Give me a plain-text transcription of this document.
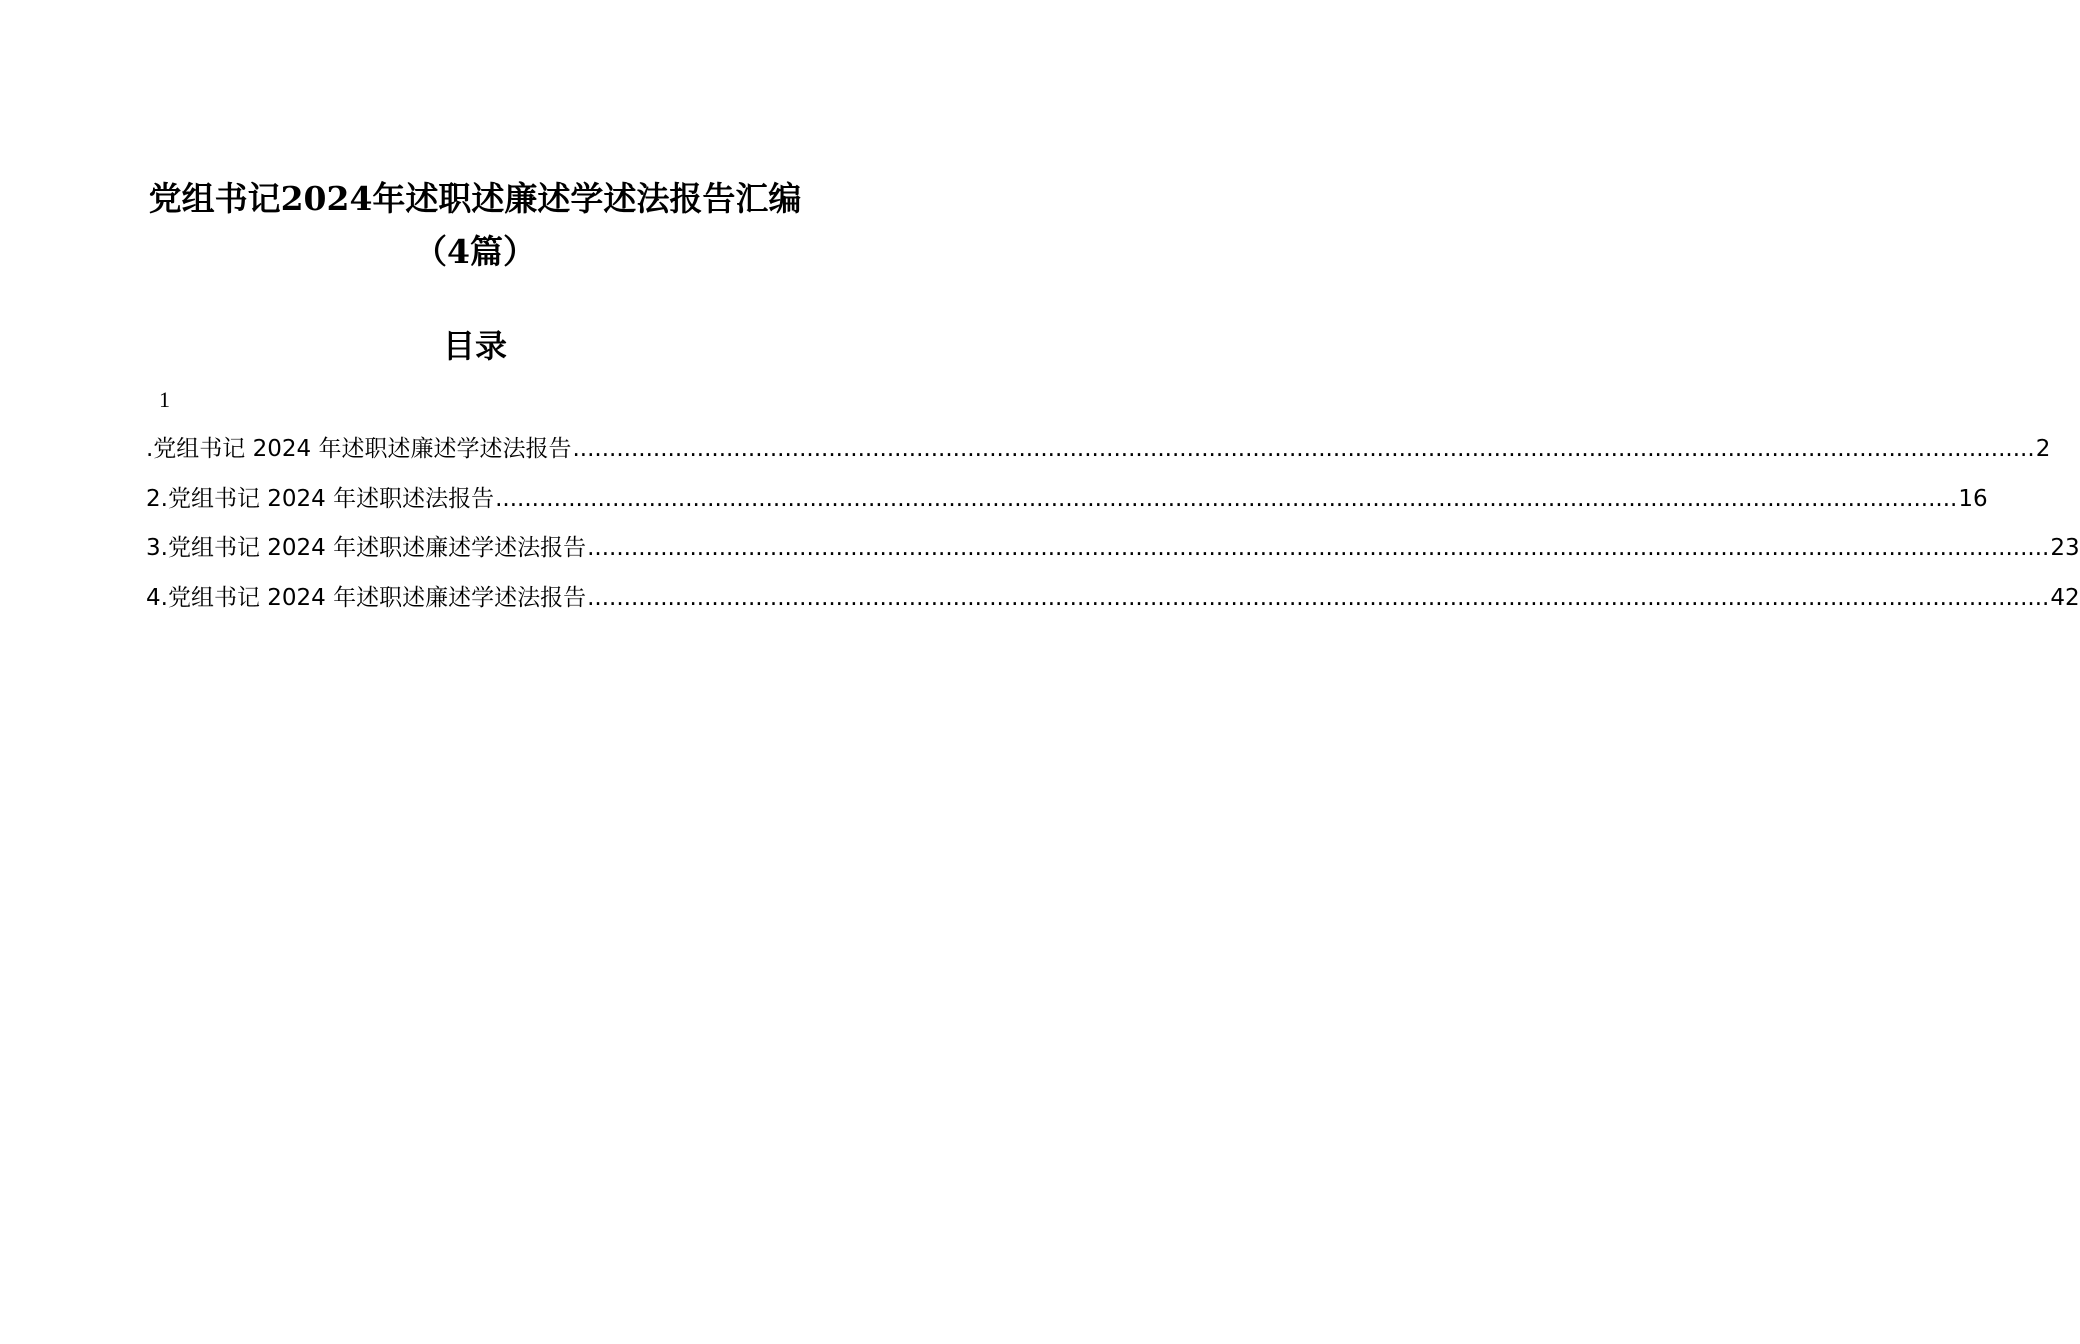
党组书记2024年述职述廉述学述法报告汇编（4篇）
目录
1
.党组书记 2024 年述职述廉述学述法报告 ........................................................................................................................................................................................................ 2
2.党组书记 2024 年述职述法报告 ........................................................................................................................................................................................................ 16
3.党组书记 2024 年述职述廉述学述法报告 ........................................................................................................................................................................................................ 23
4.党组书记 2024 年述职述廉述学述法报告 ........................................................................................................................................................................................................ 42
